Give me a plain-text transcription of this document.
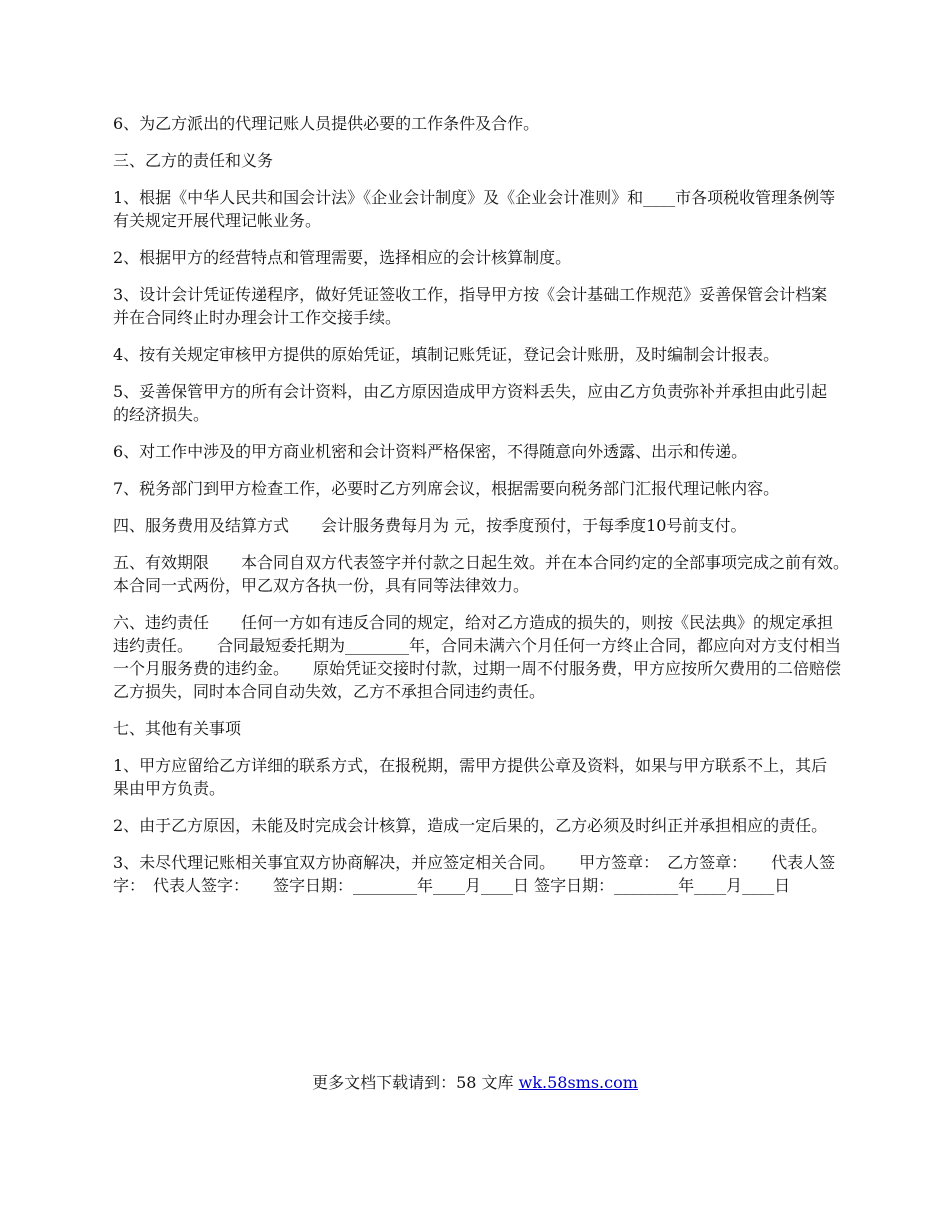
6、为乙方派出的代理记账人员提供必要的工作条件及合作。

三、乙方的责任和义务

1、根据《中华人民共和国会计法》《企业会计制度》及《企业会计准则》和____市各项税收管理条例等有关规定开展代理记帐业务。

2、根据甲方的经营特点和管理需要，选择相应的会计核算制度。

3、设计会计凭证传递程序，做好凭证签收工作，指导甲方按《会计基础工作规范》妥善保管会计档案并在合同终止时办理会计工作交接手续。

4、按有关规定审核甲方提供的原始凭证，填制记账凭证，登记会计账册，及时编制会计报表。

5、妥善保管甲方的所有会计资料，由乙方原因造成甲方资料丢失，应由乙方负责弥补并承担由此引起的经济损失。

6、对工作中涉及的甲方商业机密和会计资料严格保密，不得随意向外透露、出示和传递。

7、税务部门到甲方检查工作，必要时乙方列席会议，根据需要向税务部门汇报代理记帐内容。

四、服务费用及结算方式　　会计服务费每月为 元，按季度预付，于每季度10号前支付。

五、有效期限　　本合同自双方代表签字并付款之日起生效。并在本合同约定的全部事项完成之前有效。　　本合同一式两份，甲乙双方各执一份，具有同等法律效力。

六、违约责任　　任何一方如有违反合同的规定，给对乙方造成的损失的，则按《民法典》的规定承担违约责任。　　合同最短委托期为________年，合同未满六个月任何一方终止合同，都应向对方支付相当一个月服务费的违约金。　　原始凭证交接时付款，过期一周不付服务费，甲方应按所欠费用的二倍赔偿乙方损失，同时本合同自动失效，乙方不承担合同违约责任。

七、其他有关事项

1、甲方应留给乙方详细的联系方式，在报税期，需甲方提供公章及资料，如果与甲方联系不上，其后果由甲方负责。

2、由于乙方原因，未能及时完成会计核算，造成一定后果的，乙方必须及时纠正并承担相应的责任。

3、未尽代理记账相关事宜双方协商解决，并应签定相关合同。　　甲方签章：　乙方签章：　　代表人签字：　代表人签字：　　签字日期：________年____月____日 签字日期：________年____月____日

更多文档下载请到：58 文库 wk.58sms.com
